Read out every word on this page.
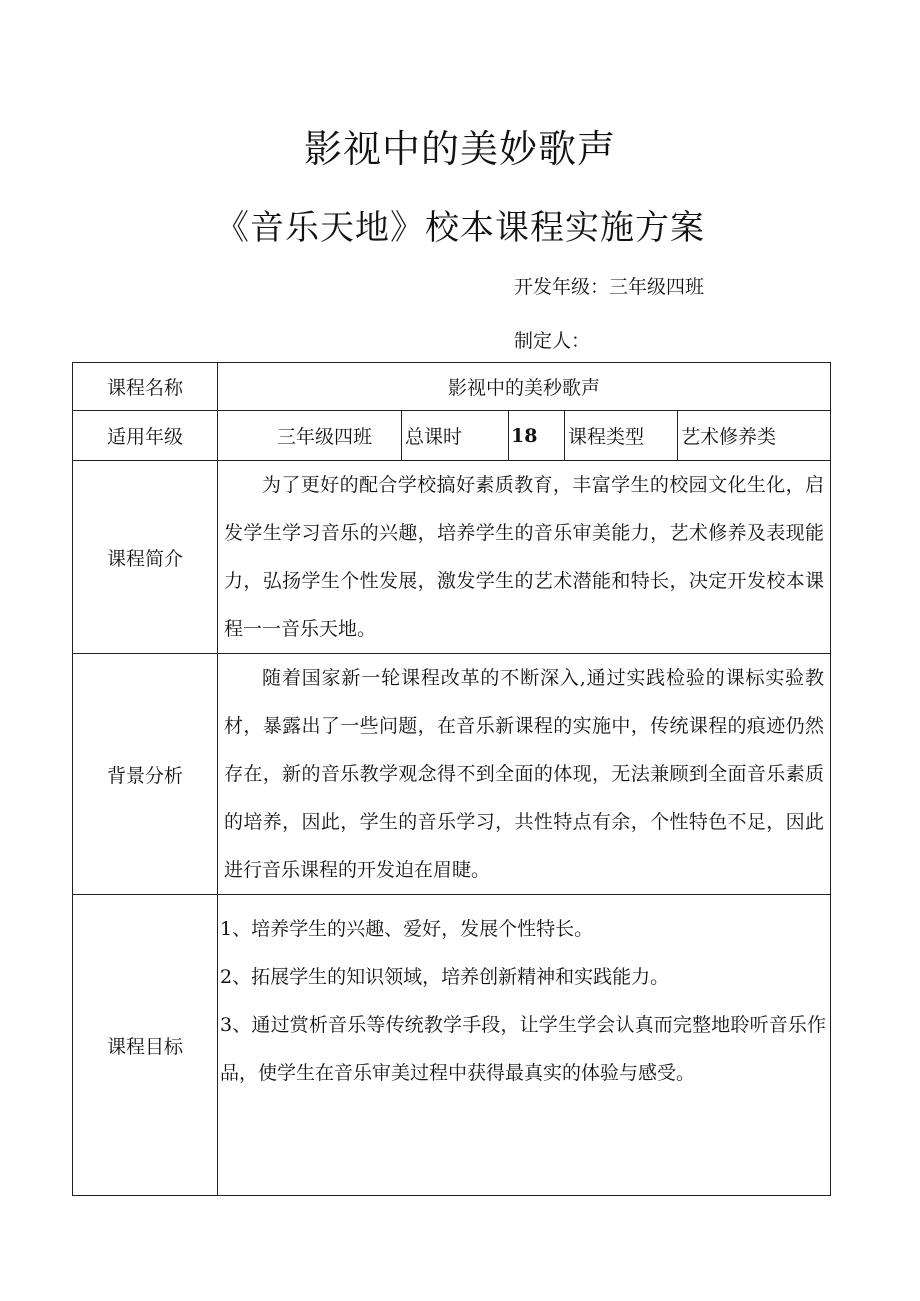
影视中的美妙歌声
《音乐天地》校本课程实施方案

开发年级：三年级四班

制定人：

课程名称	影视中的美秒歌声				
适用年级	三年级四班	总课时	18	课程类型	艺术修养类
课程简介	为了更好的配合学校搞好素质教育，丰富学生的校园文化生化，启发学生学习音乐的兴趣，培养学生的音乐审美能力，艺术修养及表现能力，弘扬学生个性发展，激发学生的艺术潜能和特长，决定开发校本课程一一音乐天地。				

背景分析	随着国家新一轮课程改革的不断深入,通过实践检验的课标实验教材，暴露出了一些问题，在音乐新课程的实施中，传统课程的痕迹仍然存在，新的音乐教学观念得不到全面的体现，无法兼顾到全面音乐素质的培养，因此，学生的音乐学习，共性特点有余，个性特色不足，因此进行音乐课程的开发迫在眉睫。				

课程目标	1、培养学生的兴趣、爱好，发展个性特长。

2、拓展学生的知识领域，培养创新精神和实践能力。

3、通过赏析音乐等传统教学手段，让学生学会认真而完整地聆听音乐作品，使学生在音乐审美过程中获得最真实的体验与感受。				
